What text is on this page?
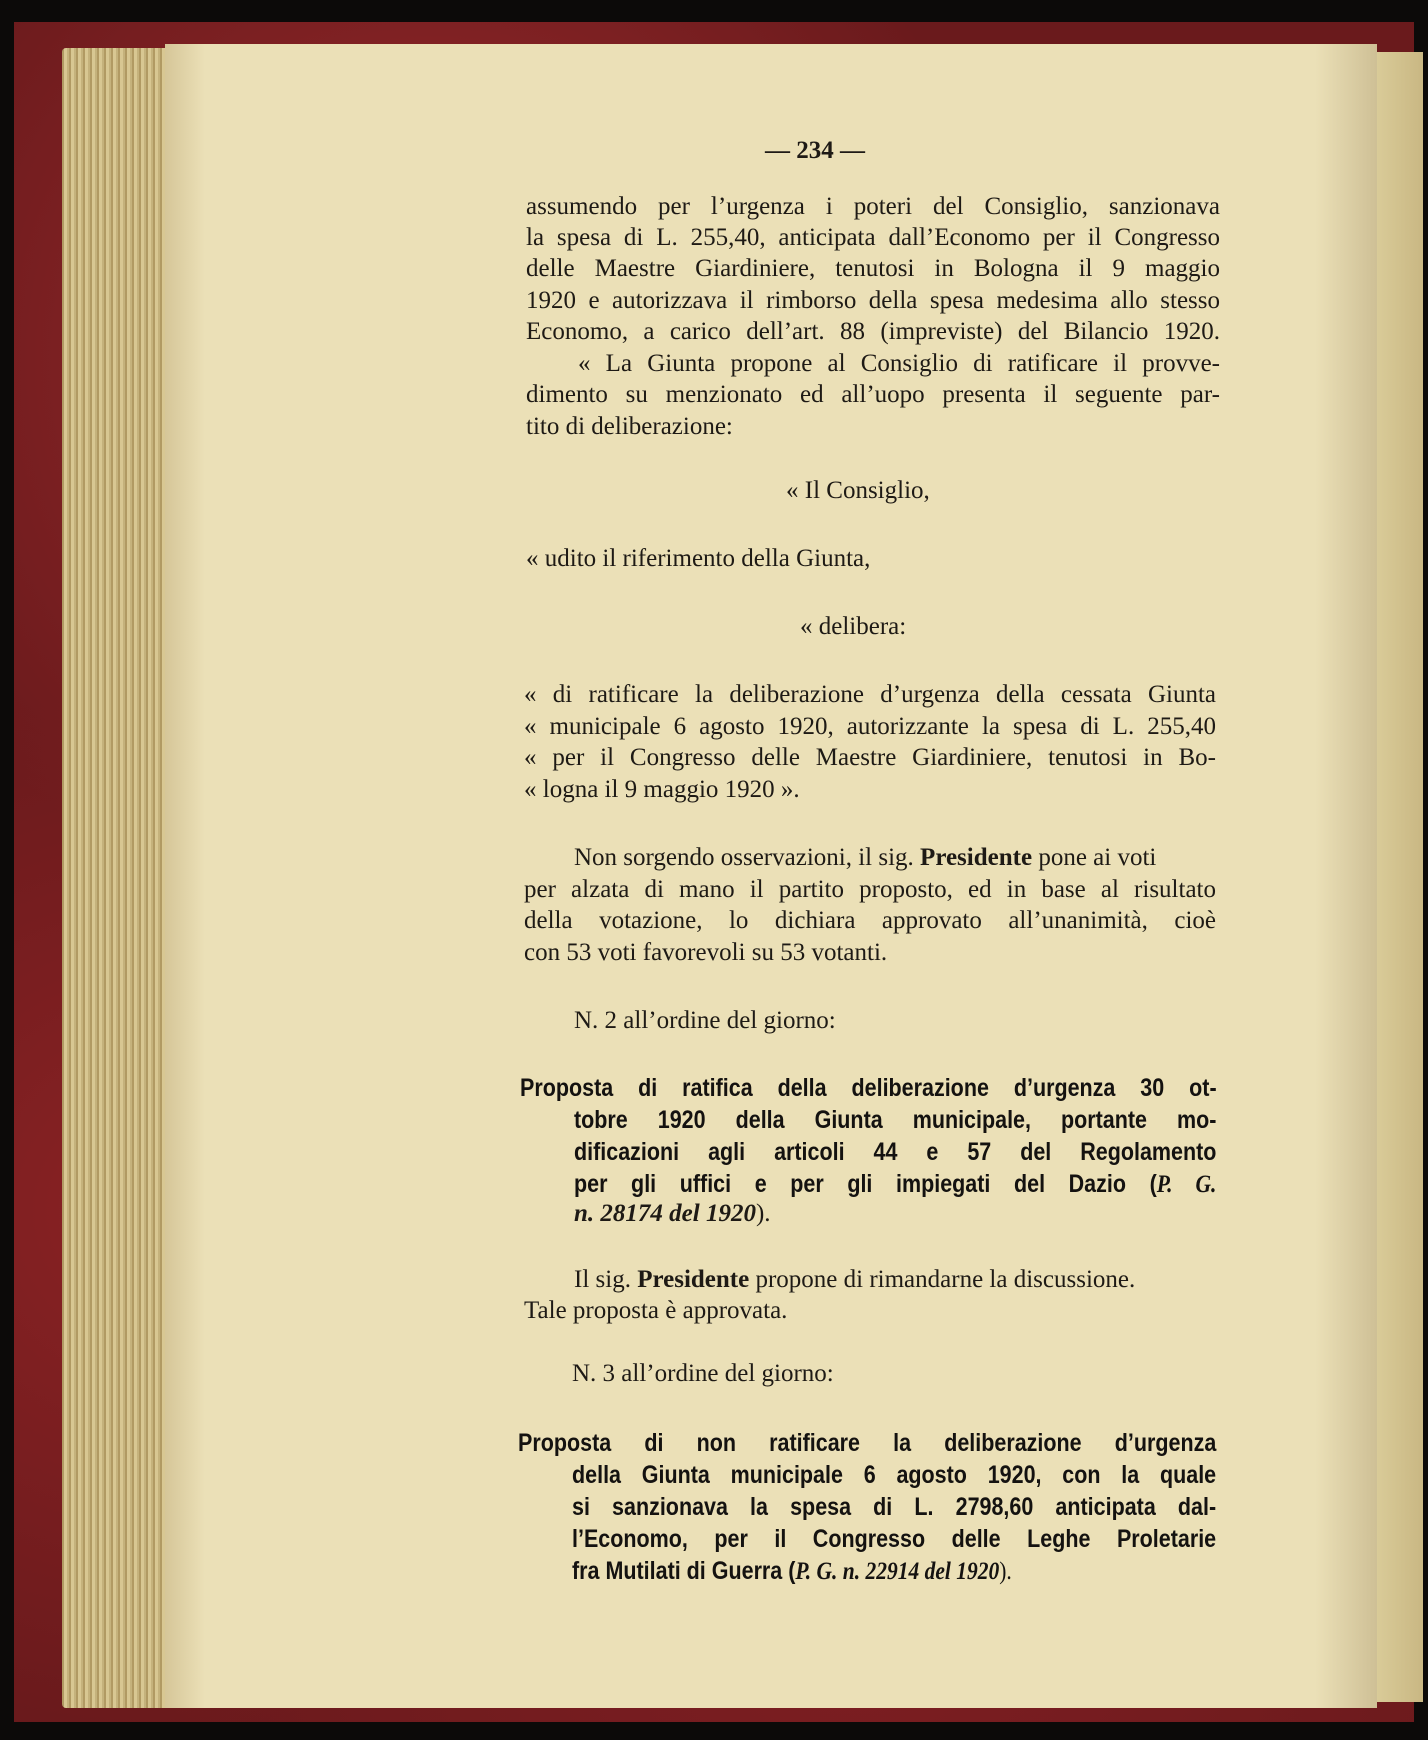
— 234 —
assumendo per l’urgenza i poteri del Consiglio, sanzionava
la spesa di L. 255,40, anticipata dall’Economo per il Congresso
delle Maestre Giardiniere, tenutosi in Bologna il 9 maggio
1920 e autorizzava il rimborso della spesa medesima allo stesso
Economo, a carico dell’art. 88 (impreviste) del Bilancio 1920.
« La Giunta propone al Consiglio di ratificare il provve-
dimento su menzionato ed all’uopo presenta il seguente par-
tito di deliberazione:
« Il Consiglio,
« udito il riferimento della Giunta,
« delibera:
« di ratificare la deliberazione d’urgenza della cessata Giunta
« municipale 6 agosto 1920, autorizzante la spesa di L. 255,40
« per il Congresso delle Maestre Giardiniere, tenutosi in Bo-
« logna il 9 maggio 1920 ».
Non sorgendo osservazioni, il sig. Presidente pone ai voti
per alzata di mano il partito proposto, ed in base al risultato
della votazione, lo dichiara approvato all’unanimità, cioè
con 53 voti favorevoli su 53 votanti.
N. 2 all’ordine del giorno:
Proposta di ratifica della deliberazione d’urgenza 30 ot-
tobre 1920 della Giunta municipale, portante mo-
dificazioni agli articoli 44 e 57 del Regolamento
per gli uffici e per gli impiegati del Dazio (P. G.
n. 28174 del 1920).
Il sig. Presidente propone di rimandarne la discussione.
Tale proposta è approvata.
N. 3 all’ordine del giorno:
Proposta di non ratificare la deliberazione d’urgenza
della Giunta municipale 6 agosto 1920, con la quale
si sanzionava la spesa di L. 2798,60 anticipata dal-
l’Economo, per il Congresso delle Leghe Proletarie
fra Mutilati di Guerra (P. G. n. 22914 del 1920).
